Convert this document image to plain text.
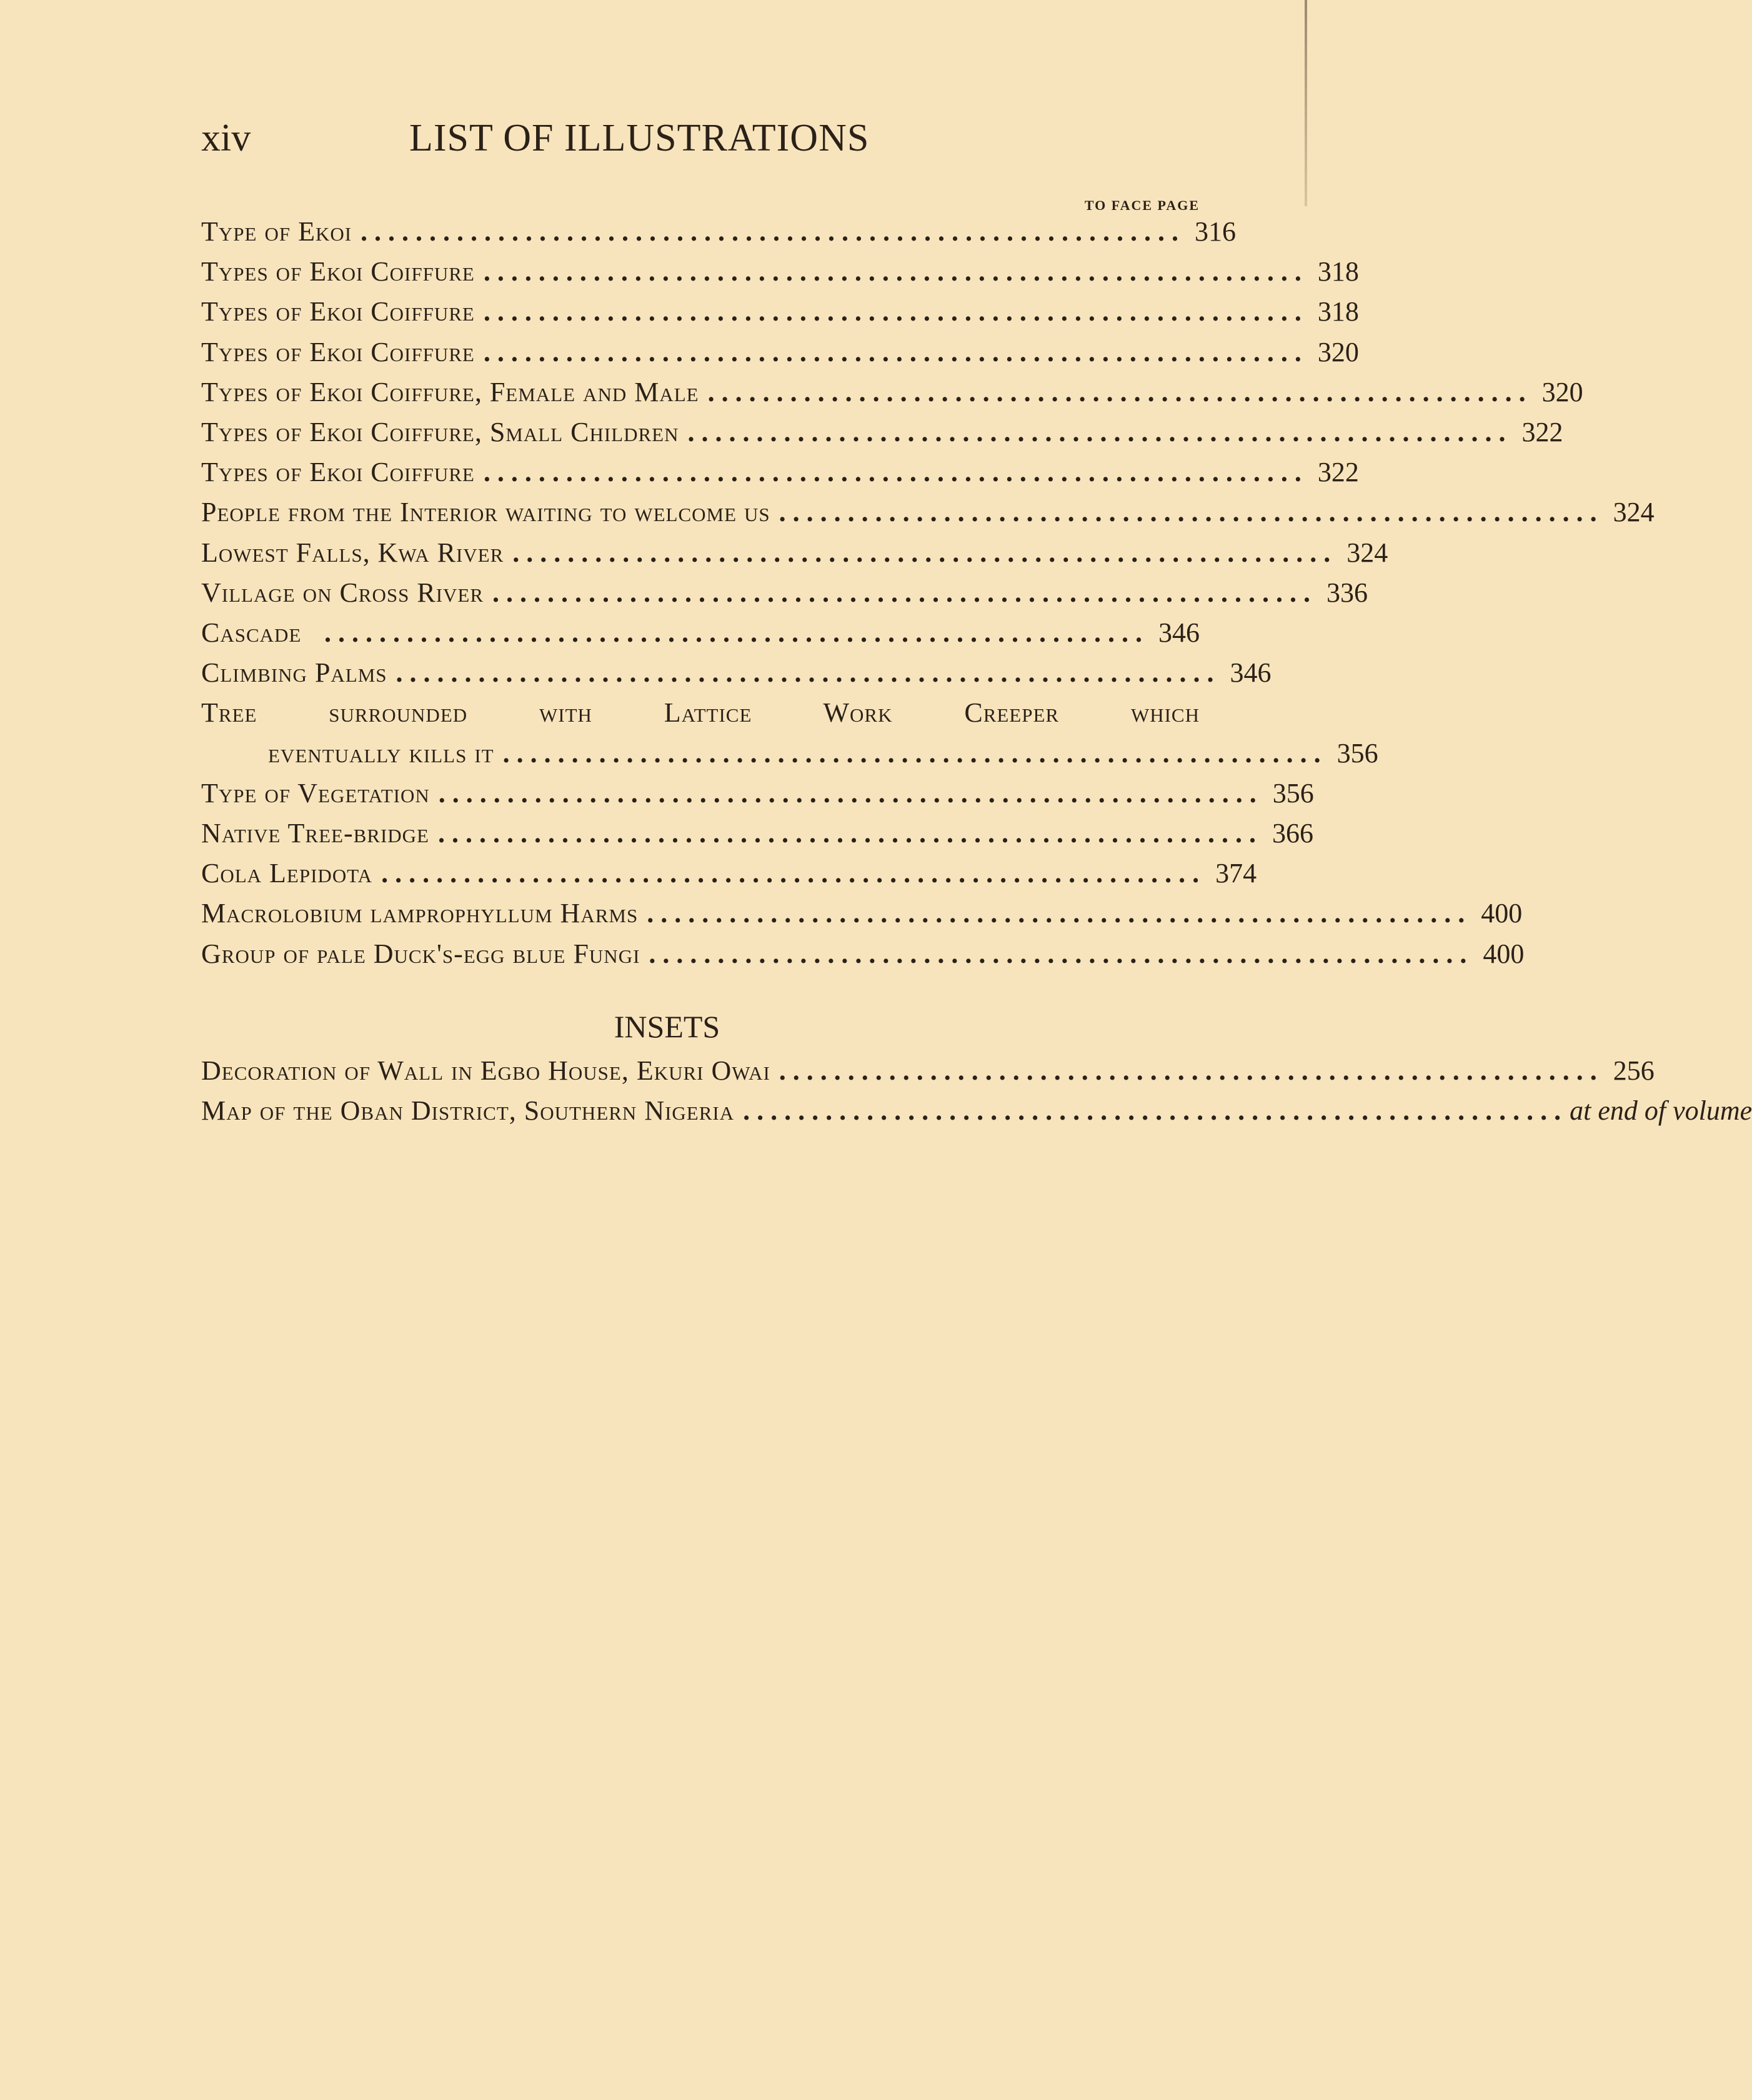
xiv	LIST OF ILLUSTRATIONS
TO FACE PAGE
Type of Ekoi . . . . . . . . . . . . . . . . . . . . . . . . . . . . . . . . . . . . . . . . . . . . . . . . . . . . . . . . . . . . 316
Types of Ekoi Coiffure . . . . . . . . . . . . . . . . . . . . . . . . . . . . . . . . . . . . . . . . . . . . . . . . . . . . . . . . . . . . 318
Types of Ekoi Coiffure . . . . . . . . . . . . . . . . . . . . . . . . . . . . . . . . . . . . . . . . . . . . . . . . . . . . . . . . . . . . 318
Types of Ekoi Coiffure . . . . . . . . . . . . . . . . . . . . . . . . . . . . . . . . . . . . . . . . . . . . . . . . . . . . . . . . . . . . 320
Types of Ekoi Coiffure, Female and Male . . . . . . . . . . . . . . . . . . . . . . . . . . . . . . . . . . . . . . . . . . . . . . . . . . . . . . . . . . . . 320
Types of Ekoi Coiffure, Small Children . . . . . . . . . . . . . . . . . . . . . . . . . . . . . . . . . . . . . . . . . . . . . . . . . . . . . . . . . . . . 322
Types of Ekoi Coiffure . . . . . . . . . . . . . . . . . . . . . . . . . . . . . . . . . . . . . . . . . . . . . . . . . . . . . . . . . . . . 322
People from the Interior waiting to welcome us . . . . . . . . . . . . . . . . . . . . . . . . . . . . . . . . . . . . . . . . . . . . . . . . . . . . . . . . . . . . 324
Lowest Falls, Kwa River . . . . . . . . . . . . . . . . . . . . . . . . . . . . . . . . . . . . . . . . . . . . . . . . . . . . . . . . . . . . 324
Village on Cross River . . . . . . . . . . . . . . . . . . . . . . . . . . . . . . . . . . . . . . . . . . . . . . . . . . . . . . . . . . . . 336
Cascade . . . . . . . . . . . . . . . . . . . . . . . . . . . . . . . . . . . . . . . . . . . . . . . . . . . . . . . . . . . . 346
Climbing Palms . . . . . . . . . . . . . . . . . . . . . . . . . . . . . . . . . . . . . . . . . . . . . . . . . . . . . . . . . . . . 346
Tree surrounded with Lattice Work Creeper which
eventually kills it . . . . . . . . . . . . . . . . . . . . . . . . . . . . . . . . . . . . . . . . . . . . . . . . . . . . . . . . . . . . 356
Type of Vegetation . . . . . . . . . . . . . . . . . . . . . . . . . . . . . . . . . . . . . . . . . . . . . . . . . . . . . . . . . . . . 356
Native Tree-bridge . . . . . . . . . . . . . . . . . . . . . . . . . . . . . . . . . . . . . . . . . . . . . . . . . . . . . . . . . . . . 366
Cola Lepidota . . . . . . . . . . . . . . . . . . . . . . . . . . . . . . . . . . . . . . . . . . . . . . . . . . . . . . . . . . . . 374
Macrolobium lamprophyllum Harms . . . . . . . . . . . . . . . . . . . . . . . . . . . . . . . . . . . . . . . . . . . . . . . . . . . . . . . . . . . . 400
Group of pale Duck's-egg blue Fungi . . . . . . . . . . . . . . . . . . . . . . . . . . . . . . . . . . . . . . . . . . . . . . . . . . . . . . . . . . . . 400
INSETS
Decoration of Wall in Egbo House, Ekuri Owai . . . . . . . . . . . . . . . . . . . . . . . . . . . . . . . . . . . . . . . . . . . . . . . . . . . . . . . . . . . . 256
Map of the Oban District, Southern Nigeria . . . . . . . . . . . . . . . . . . . . . . . . . . . . . . . . . . . . . . . . . . . . . . . . . . . . . . . . . . . . at end of volume
